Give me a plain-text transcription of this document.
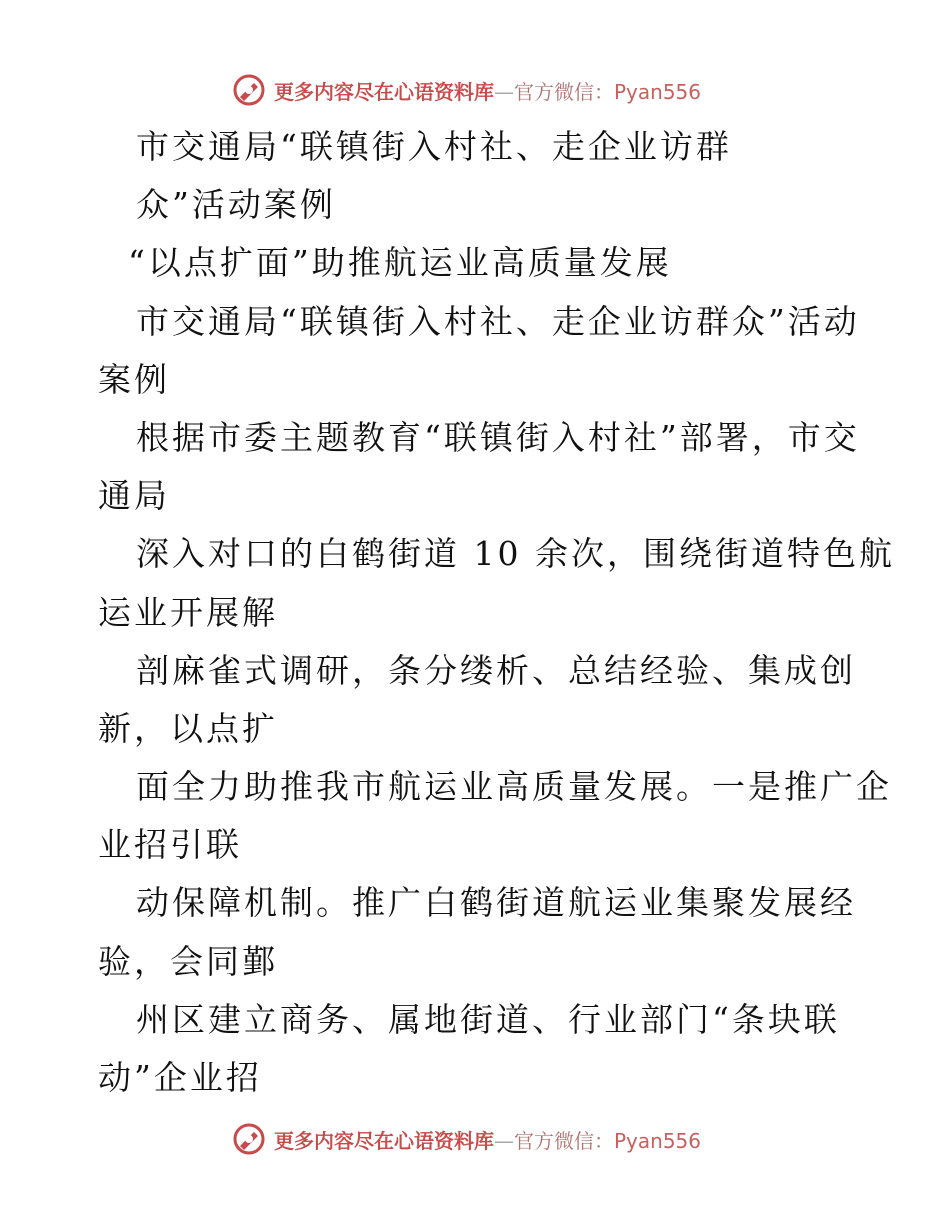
更多内容尽在心语资料库—官方微信：Pyan556
市交通局“联镇街入村社、走企业访群
众”活动案例
“以点扩面”助推航运业高质量发展
市交通局“联镇街入村社、走企业访群众”活动
案例
根据市委主题教育“联镇街入村社”部署，市交
通局
深入对口的白鹤街道 10 余次，围绕街道特色航
运业开展解
剖麻雀式调研，条分缕析、总结经验、集成创
新，以点扩
面全力助推我市航运业高质量发展。一是推广企
业招引联
动保障机制。推广白鹤街道航运业集聚发展经
验，会同鄞
州区建立商务、属地街道、行业部门“条块联
动”企业招
更多内容尽在心语资料库—官方微信：Pyan556
